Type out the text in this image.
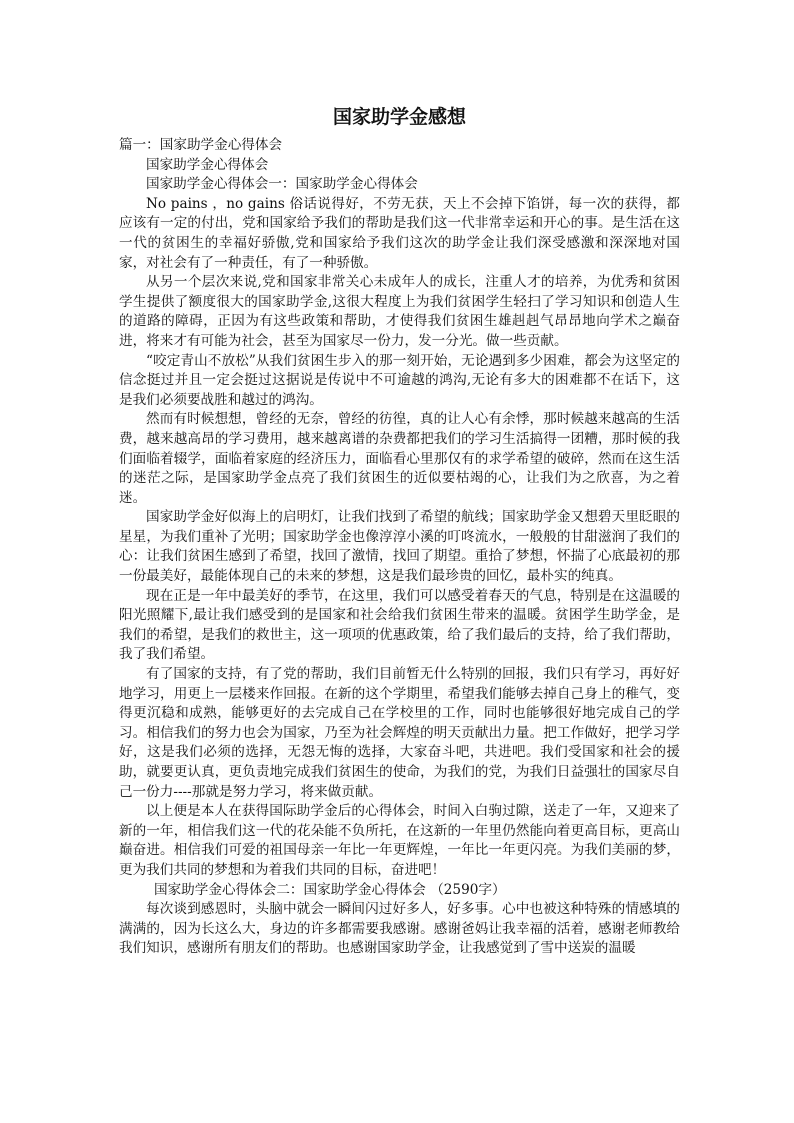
国家助学金感想

篇一：国家助学金心得体会

国家助学金心得体会

国家助学金心得体会一：国家助学金心得体会

No pains ，no gains 俗话说得好，不劳无获，天上不会掉下馅饼，每一次的获得，都应该有一定的付出，党和国家给予我们的帮助是我们这一代非常幸运和开心的事。是生活在这一代的贫困生的幸福好骄傲,党和国家给予我们这次的助学金让我们深受感激和深深地对国家，对社会有了一种责任，有了一种骄傲。

从另一个层次来说,党和国家非常关心未成年人的成长，注重人才的培养，为优秀和贫困学生提供了额度很大的国家助学金,这很大程度上为我们贫困学生轻扫了学习知识和创造人生的道路的障碍，正因为有这些政策和帮助，才使得我们贫困生雄赳赳气昂昂地向学术之巅奋进，将来才有可能为社会，甚至为国家尽一份力，发一分光。做一些贡献。

“咬定青山不放松”从我们贫困生步入的那一刻开始，无论遇到多少困难，都会为这坚定的信念挺过并且一定会挺过这据说是传说中不可逾越的鸿沟,无论有多大的困难都不在话下，这是我们必须要战胜和越过的鸿沟。

然而有时候想想，曾经的无奈，曾经的彷徨，真的让人心有余悸，那时候越来越高的生活费，越来越高昂的学习费用，越来越离谱的杂费都把我们的学习生活搞得一团糟，那时候的我们面临着辍学，面临着家庭的经济压力，面临看心里那仅有的求学希望的破碎，然而在这生活的迷茫之际，是国家助学金点亮了我们贫困生的近似要枯竭的心，让我们为之欣喜，为之着迷。

国家助学金好似海上的启明灯，让我们找到了希望的航线；国家助学金又想碧天里眨眼的星星，为我们重补了光明；国家助学金也像淳淳小溪的叮咚流水，一般般的甘甜滋润了我们的心：让我们贫困生感到了希望，找回了激情，找回了期望。重拾了梦想，怀揣了心底最初的那一份最美好，最能体现自己的未来的梦想，这是我们最珍贵的回忆，最朴实的纯真。

现在正是一年中最美好的季节，在这里，我们可以感受着春天的气息，特别是在这温暖的阳光照耀下,最让我们感受到的是国家和社会给我们贫困生带来的温暖。贫困学生助学金，是我们的希望，是我们的救世主，这一项项的优惠政策，给了我们最后的支持，给了我们帮助，我了我们希望。

有了国家的支持，有了党的帮助，我们目前暂无什么特别的回报，我们只有学习，再好好地学习，用更上一层楼来作回报。在新的这个学期里，希望我们能够去掉自己身上的稚气，变得更沉稳和成熟，能够更好的去完成自己在学校里的工作，同时也能够很好地完成自己的学习。相信我们的努力也会为国家，乃至为社会辉煌的明天贡献出力量。把工作做好，把学习学好，这是我们必须的选择，无怨无悔的选择，大家奋斗吧，共进吧。我们受国家和社会的援助，就要更认真，更负责地完成我们贫困生的使命，为我们的党，为我们日益强壮的国家尽自己一份力----那就是努力学习，将来做贡献。

以上便是本人在获得国际助学金后的心得体会，时间入白驹过隙，送走了一年，又迎来了新的一年，相信我们这一代的花朵能不负所托，在这新的一年里仍然能向着更高目标，更高山巅奋进。相信我们可爱的祖国母亲一年比一年更辉煌，一年比一年更闪亮。为我们美丽的梦，更为我们共同的梦想和为着我们共同的目标，奋进吧！

国家助学金心得体会二：国家助学金心得体会 （2590字）

每次谈到感恩时，头脑中就会一瞬间闪过好多人，好多事。心中也被这种特殊的情感填的满满的，因为长这么大，身边的许多都需要我感谢。感谢爸妈让我幸福的活着，感谢老师教给我们知识，感谢所有朋友们的帮助。也感谢国家助学金，让我感觉到了雪中送炭的温暖
